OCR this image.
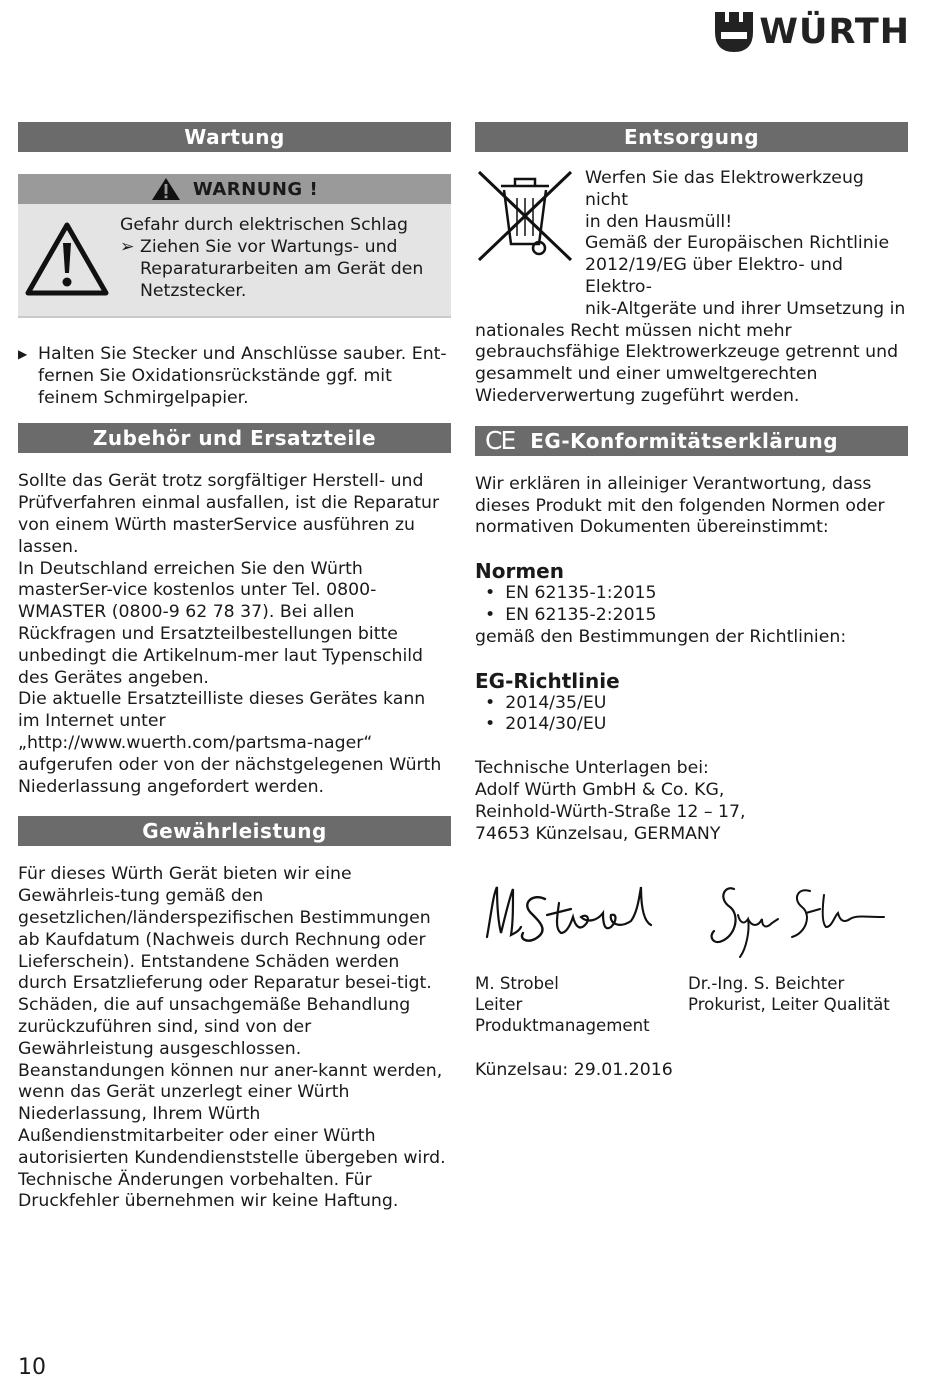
WÜRTH
Wartung
WARNUNG !
Gefahr durch elektrischen Schlag
➢ Ziehen Sie vor Wartungs- und Reparaturarbeiten am Gerät den Netzstecker.
▶ Halten Sie Stecker und Anschlüsse sauber. Ent-fernen Sie Oxidationsrückstände ggf. mit feinem Schmirgelpapier.

Zubehör und Ersatzteile

Sollte das Gerät trotz sorgfältiger Herstell- und Prüfverfahren einmal ausfallen, ist die Reparatur von einem Würth masterService ausführen zu lassen.

In Deutschland erreichen Sie den Würth masterSer-vice kostenlos unter Tel. 0800-WMASTER (0800-9 62 78 37). Bei allen Rückfragen und Ersatzteilbestellungen bitte unbedingt die Artikelnum-mer laut Typenschild des Gerätes angeben.

Die aktuelle Ersatzteilliste dieses Gerätes kann im Internet unter „http://www.wuerth.com/partsma-nager“ aufgerufen oder von der nächstgelegenen Würth Niederlassung angefordert werden.

Gewährleistung

Für dieses Würth Gerät bieten wir eine Gewährleis-tung gemäß den gesetzlichen/länderspezifischen Bestimmungen ab Kaufdatum (Nachweis durch Rechnung oder Lieferschein). Entstandene Schäden werden durch Ersatzlieferung oder Reparatur besei-tigt. Schäden, die auf unsachgemäße Behandlung zurückzuführen sind, sind von der Gewährleistung ausgeschlossen. Beanstandungen können nur aner-kannt werden, wenn das Gerät unzerlegt einer Würth Niederlassung, Ihrem Würth Außendienstmitarbeiter oder einer Würth autorisierten Kundendienststelle übergeben wird. Technische Änderungen vorbehalten. Für Druckfehler übernehmen wir keine Haftung.

Entsorgung
Werfen Sie das Elektrowerkzeug nicht
in den Hausmüll!
Gemäß der Europäischen Richtlinie
2012/19/EG über Elektro- und Elektro-
nik-Altgeräte und ihrer Umsetzung in
nationales Recht müssen nicht mehr gebrauchsfähige Elektrowerkzeuge getrennt und gesammelt und einer umweltgerechten Wiederverwertung zugeführt werden.
CE EG-Konformitätserklärung

Wir erklären in alleiniger Verantwortung, dass dieses Produkt mit den folgenden Normen oder normativen Dokumenten übereinstimmt:

Normen
• EN 62135-1:2015
• EN 62135-2:2015

gemäß den Bestimmungen der Richtlinien:

EG-Richtlinie
• 2014/35/EU
• 2014/30/EU
Technische Unterlagen bei:
Adolf Würth GmbH & Co. KG,
Reinhold-Würth-Straße 12 – 17,
74653 Künzelsau, GERMANY
M. Strobel
Leiter Produktmanagement
Dr.-Ing. S. Beichter
Prokurist, Leiter Qualität
Künzelsau: 29.01.2016
10
